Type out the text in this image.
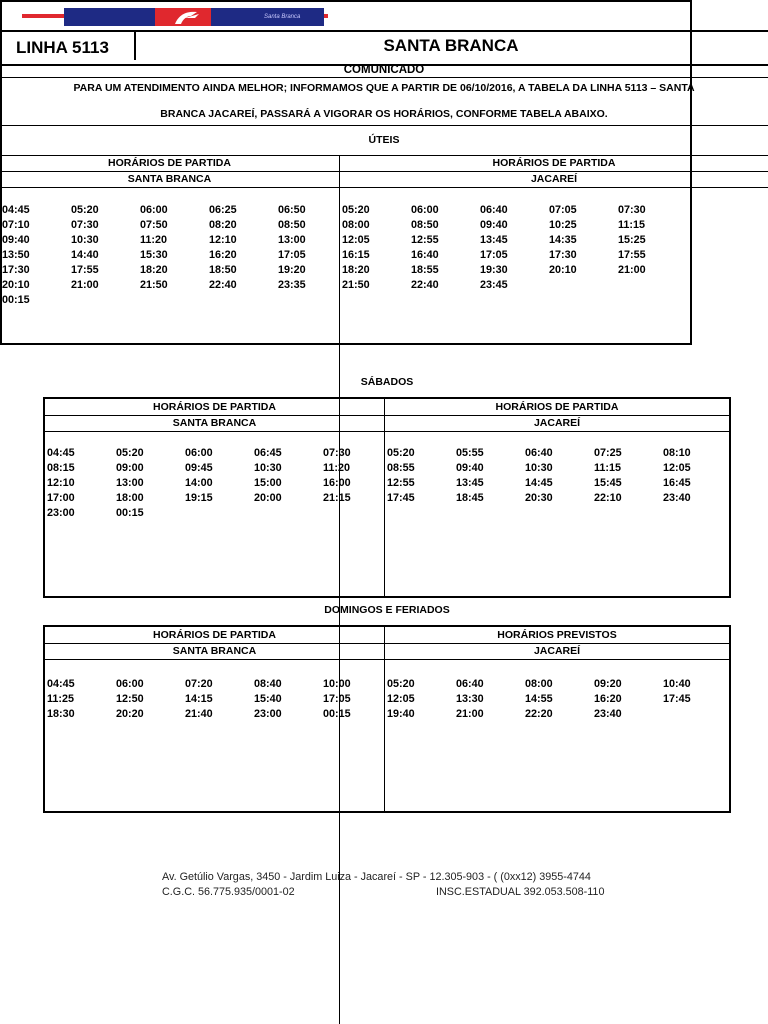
Santa Branca
LINHA 5113	SANTA BRANCA
COMUNICADO
PARA UM ATENDIMENTO AINDA MELHOR; INFORMAMOS QUE A PARTIR DE 06/10/2016, A TABELA DA LINHA 5113 – SANTA
BRANCA JACAREÍ, PASSARÁ A VIGORAR OS HORÁRIOS, CONFORME TABELA ABAIXO.
ÚTEIS
HORÁRIOS DE PARTIDA	HORÁRIOS DE PARTIDA
SANTA BRANCA	JACAREÍ
04:45	05:20	06:00	06:25	06:50
07:10	07:30	07:50	08:20	08:50
09:40	10:30	11:20	12:10	13:00
13:50	14:40	15:30	16:20	17:05
17:30	17:55	18:20	18:50	19:20
20:10	21:00	21:50	22:40	23:35
00:15
05:20	06:00	06:40	07:05	07:30
08:00	08:50	09:40	10:25	11:15
12:05	12:55	13:45	14:35	15:25
16:15	16:40	17:05	17:30	17:55
18:20	18:55	19:30	20:10	21:00
21:50	22:40	23:45
SÁBADOS
HORÁRIOS DE PARTIDA	HORÁRIOS DE PARTIDA
SANTA BRANCA	JACAREÍ
04:45	05:20	06:00	06:45	07:30
08:15	09:00	09:45	10:30	11:20
12:10	13:00	14:00	15:00	16:00
17:00	18:00	19:15	20:00	21:15
23:00	00:15
05:20	05:55	06:40	07:25	08:10
08:55	09:40	10:30	11:15	12:05
12:55	13:45	14:45	15:45	16:45
17:45	18:45	20:30	22:10	23:40
DOMINGOS E FERIADOS
HORÁRIOS DE PARTIDA	HORÁRIOS PREVISTOS
SANTA BRANCA	JACAREÍ
04:45	06:00	07:20	08:40	10:00
11:25	12:50	14:15	15:40	17:05
18:30	20:20	21:40	23:00	00:15
05:20	06:40	08:00	09:20	10:40
12:05	13:30	14:55	16:20	17:45
19:40	21:00	22:20	23:40
Av. Getúlio Vargas, 3450 - Jardim Luiza - Jacareí - SP - 12.305-903 - ( (0xx12) 3955-4744
C.G.C. 56.775.935/0001-02	INSC.ESTADUAL 392.053.508-110
